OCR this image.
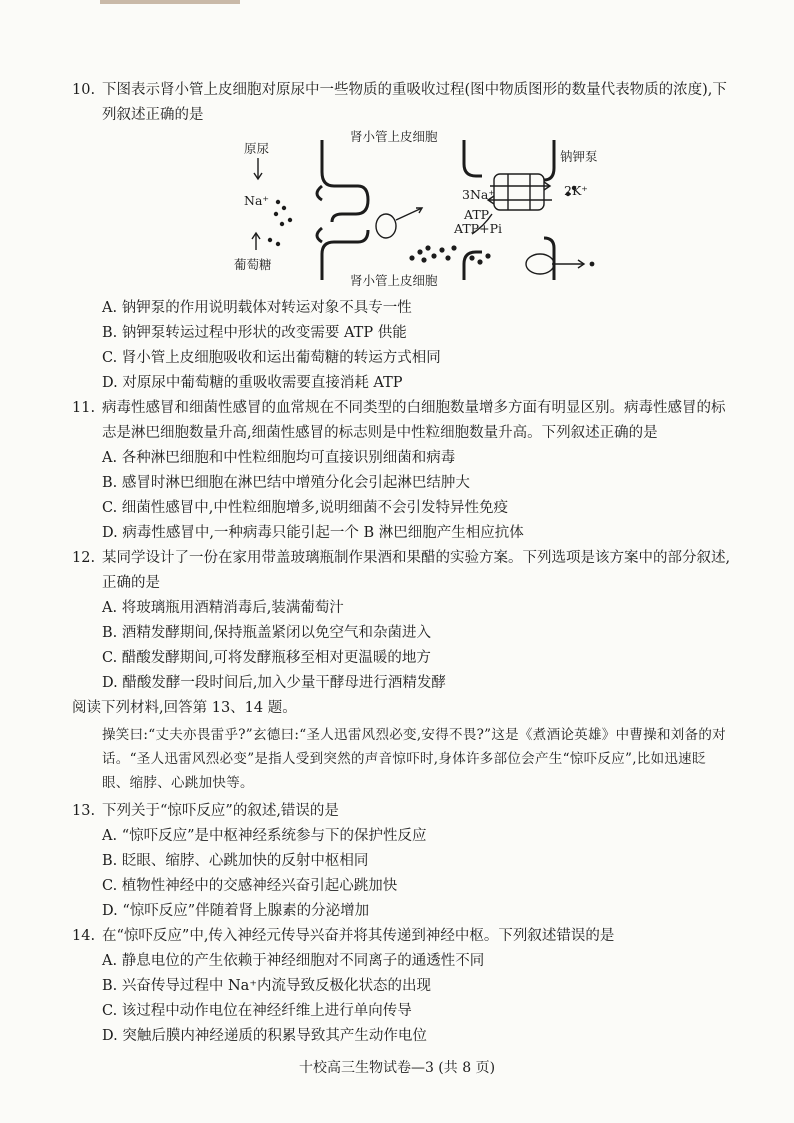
10. 下图表示肾小管上皮细胞对原尿中一些物质的重吸收过程(图中物质图形的数量代表物质的浓度),下列叙述正确的是
肾小管上皮细胞
原尿
Na⁺
葡萄糖
钠钾泵
3Na⁺	2K⁺
ATP
ATP+Pi
肾小管上皮细胞

A. 钠钾泵的作用说明载体对转运对象不具专一性

B. 钠钾泵转运过程中形状的改变需要 ATP 供能

C. 肾小管上皮细胞吸收和运出葡萄糖的转运方式相同

D. 对原尿中葡萄糖的重吸收需要直接消耗 ATP

11. 病毒性感冒和细菌性感冒的血常规在不同类型的白细胞数量增多方面有明显区别。病毒性感冒的标志是淋巴细胞数量升高,细菌性感冒的标志则是中性粒细胞数量升高。下列叙述正确的是

A. 各种淋巴细胞和中性粒细胞均可直接识别细菌和病毒

B. 感冒时淋巴细胞在淋巴结中增殖分化会引起淋巴结肿大

C. 细菌性感冒中,中性粒细胞增多,说明细菌不会引发特异性免疫

D. 病毒性感冒中,一种病毒只能引起一个 B 淋巴细胞产生相应抗体

12. 某同学设计了一份在家用带盖玻璃瓶制作果酒和果醋的实验方案。下列选项是该方案中的部分叙述,正确的是

A. 将玻璃瓶用酒精消毒后,装满葡萄汁

B. 酒精发酵期间,保持瓶盖紧闭以免空气和杂菌进入

C. 醋酸发酵期间,可将发酵瓶移至相对更温暖的地方

D. 醋酸发酵一段时间后,加入少量干酵母进行酒精发酵

阅读下列材料,回答第 13、14 题。

操笑曰:“丈夫亦畏雷乎?”玄德曰:“圣人迅雷风烈必变,安得不畏?”这是《煮酒论英雄》中曹操和刘备的对话。“圣人迅雷风烈必变”是指人受到突然的声音惊吓时,身体许多部位会产生“惊吓反应”,比如迅速眨眼、缩脖、心跳加快等。

13. 下列关于“惊吓反应”的叙述,错误的是

A. “惊吓反应”是中枢神经系统参与下的保护性反应

B. 眨眼、缩脖、心跳加快的反射中枢相同

C. 植物性神经中的交感神经兴奋引起心跳加快

D. “惊吓反应”伴随着肾上腺素的分泌增加

14. 在“惊吓反应”中,传入神经元传导兴奋并将其传递到神经中枢。下列叙述错误的是

A. 静息电位的产生依赖于神经细胞对不同离子的通透性不同

B. 兴奋传导过程中 Na⁺内流导致反极化状态的出现

C. 该过程中动作电位在神经纤维上进行单向传导

D. 突触后膜内神经递质的积累导致其产生动作电位

十校高三生物试卷—3 (共 8 页)
